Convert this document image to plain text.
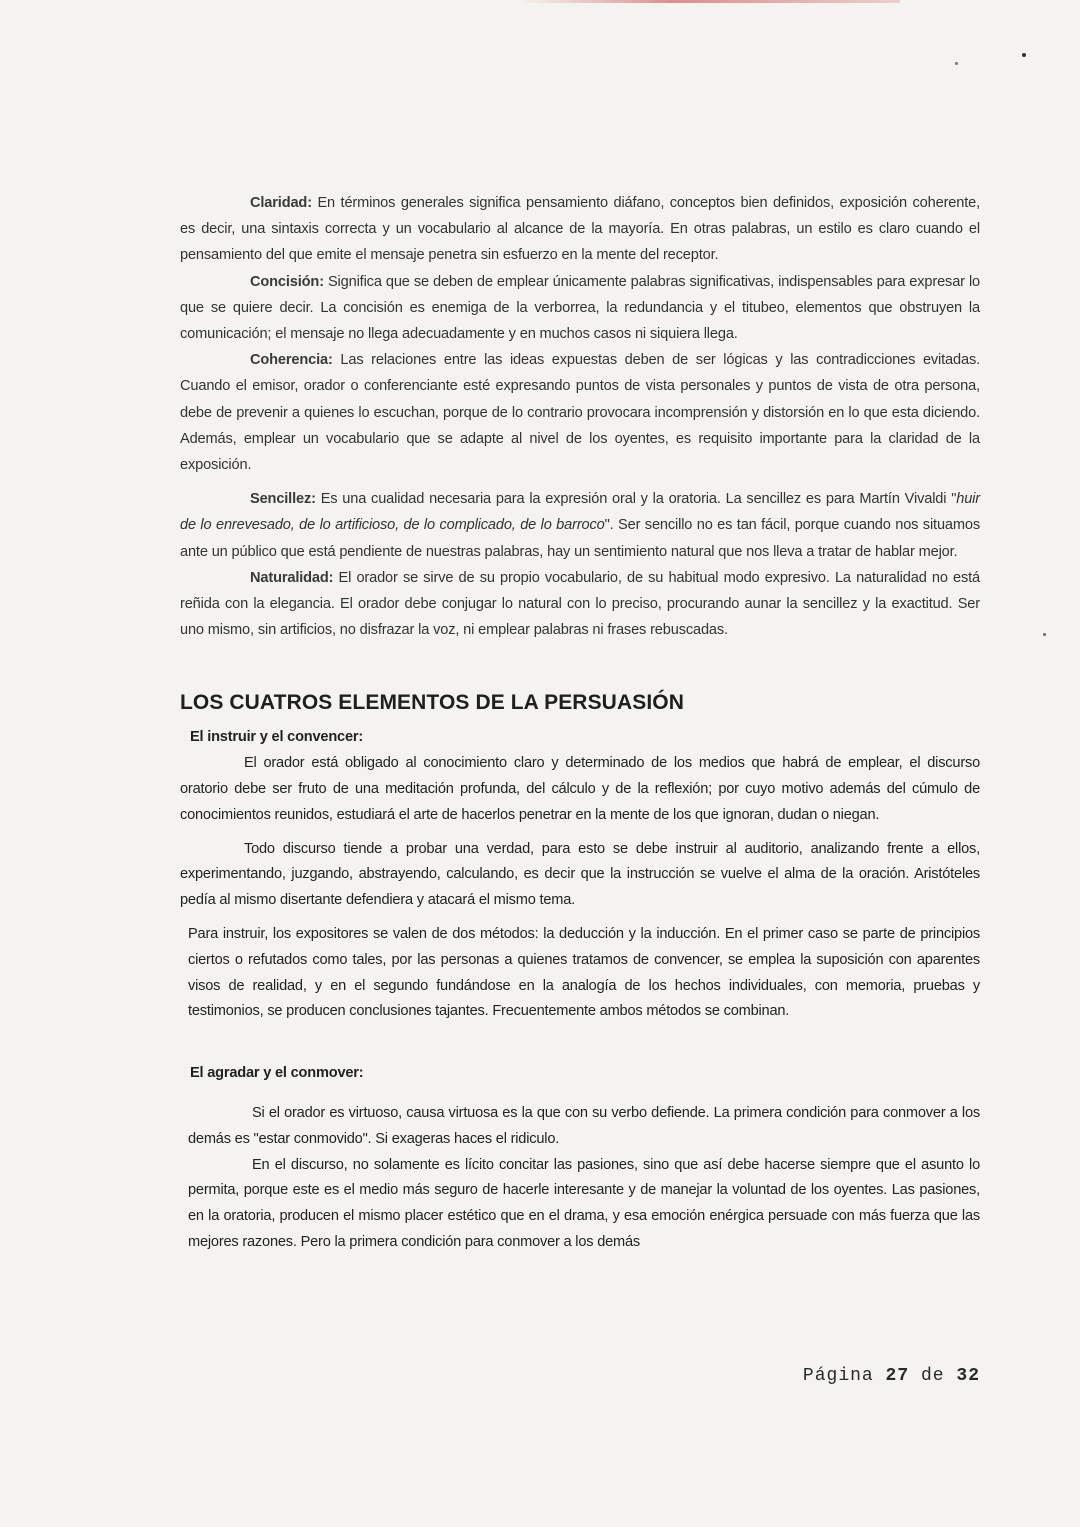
Claridad: En términos generales significa pensamiento diáfano, conceptos bien definidos, exposición coherente, es decir, una sintaxis correcta y un vocabulario al alcance de la mayoría. En otras palabras, un estilo es claro cuando el pensamiento del que emite el mensaje penetra sin esfuerzo en la mente del receptor.

Concisión: Significa que se deben de emplear únicamente palabras significativas, indispensables para expresar lo que se quiere decir. La concisión es enemiga de la verborrea, la redundancia y el titubeo, elementos que obstruyen la comunicación; el mensaje no llega adecuadamente y en muchos casos ni siquiera llega.

Coherencia: Las relaciones entre las ideas expuestas deben de ser lógicas y las contradicciones evitadas. Cuando el emisor, orador o conferenciante esté expresando puntos de vista personales y puntos de vista de otra persona, debe de prevenir a quienes lo escuchan, porque de lo contrario provocara incomprensión y distorsión en lo que esta diciendo. Además, emplear un vocabulario que se adapte al nivel de los oyentes, es requisito importante para la claridad de la exposición.

Sencillez: Es una cualidad necesaria para la expresión oral y la oratoria. La sencillez es para Martín Vivaldi "huir de lo enrevesado, de lo artificioso, de lo complicado, de lo barroco". Ser sencillo no es tan fácil, porque cuando nos situamos ante un público que está pendiente de nuestras palabras, hay un sentimiento natural que nos lleva a tratar de hablar mejor.

Naturalidad: El orador se sirve de su propio vocabulario, de su habitual modo expresivo. La naturalidad no está reñida con la elegancia. El orador debe conjugar lo natural con lo preciso, procurando aunar la sencillez y la exactitud. Ser uno mismo, sin artificios, no disfrazar la voz, ni emplear palabras ni frases rebuscadas.

LOS CUATROS ELEMENTOS DE LA PERSUASIÓN

El instruir y el convencer:

El orador está obligado al conocimiento claro y determinado de los medios que habrá de emplear, el discurso oratorio debe ser fruto de una meditación profunda, del cálculo y de la reflexión; por cuyo motivo además del cúmulo de conocimientos reunidos, estudiará el arte de hacerlos penetrar en la mente de los que ignoran, dudan o niegan.

Todo discurso tiende a probar una verdad, para esto se debe instruir al auditorio, analizando frente a ellos, experimentando, juzgando, abstrayendo, calculando, es decir que la instrucción se vuelve el alma de la oración. Aristóteles pedía al mismo disertante defendiera y atacará el mismo tema.

Para instruir, los expositores se valen de dos métodos: la deducción y la inducción. En el primer caso se parte de principios ciertos o refutados como tales, por las personas a quienes tratamos de convencer, se emplea la suposición con aparentes visos de realidad, y en el segundo fundándose en la analogía de los hechos individuales, con memoria, pruebas y testimonios, se producen conclusiones tajantes. Frecuentemente ambos métodos se combinan.

El agradar y el conmover:

Si el orador es virtuoso, causa virtuosa es la que con su verbo defiende. La primera condición para conmover a los demás es "estar conmovido". Si exageras haces el ridiculo.

En el discurso, no solamente es lícito concitar las pasiones, sino que así debe hacerse siempre que el asunto lo permita, porque este es el medio más seguro de hacerle interesante y de manejar la voluntad de los oyentes. Las pasiones, en la oratoria, producen el mismo placer estético que en el drama, y esa emoción enérgica persuade con más fuerza que las mejores razones. Pero la primera condición para conmover a los demás

Página 27 de 32
